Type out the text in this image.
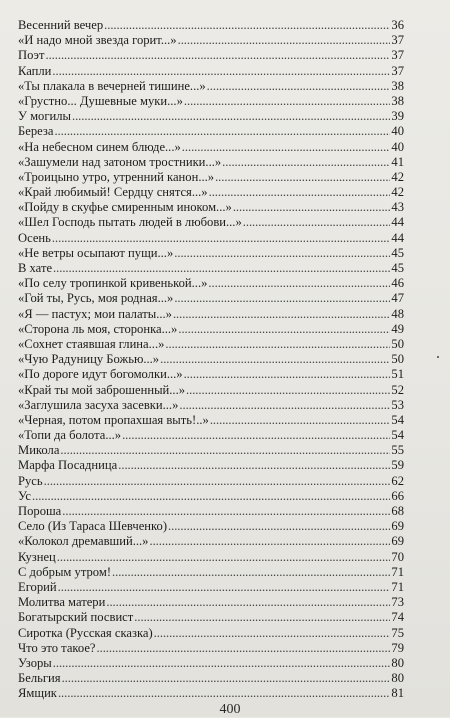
Весенний вечер . . .	36
«И надо мной звезда горит...» . . .	37
Поэт . . .	37
Капли . . .	37
«Ты плакала в вечерней тишине...» . . .	38
«Грустно... Душевные муки...» . . .	38
У могилы . . .	39
Береза . . .	40
«На небесном синем блюде...» . . .	40
«Зашумели над затоном тростники...» . . .	41
«Троицыно утро, утренний канон...» . . .	42
«Край любимый! Сердцу снятся...» . . .	42
«Пойду в скуфье смиренным иноком...» . . .	43
«Шел Господь пытать людей в любови...» . . .	44
Осень . . .	44
«Не ветры осыпают пущи...» . . .	45
В хате . . .	45
«По селу тропинкой кривенькой...» . . .	46
«Гой ты, Русь, моя родная...» . . .	47
«Я — пастух; мои палаты...» . . .	48
«Сторона ль моя, сторонка...» . . .	49
«Сохнет стаявшая глина...» . . .	50
«Чую Радуницу Божью...» . . .	50
«По дороге идут богомолки...» . . .	51
«Край ты мой заброшенный...» . . .	52
«Заглушила засуха засевки...» . . .	53
«Черная, потом пропахшая выть!..» . . .	54
«Топи да болота...» . . .	54
Микола . . .	55
Марфа Посадница . . .	59
Русь . . .	62
Ус . . .	66
Пороша . . .	68
Село (Из Тараса Шевченко) . . .	69
«Колокол дремавший...» . . .	69
Кузнец . . .	70
С добрым утром! . . .	71
Егорий . . .	71
Молитва матери . . .	73
Богатырский посвист . . .	74
Сиротка (Русская сказка) . . .	75
Что это такое? . . .	79
Узоры . . .	80
Бельгия . . .	80
Ямщик . . .	81
400
